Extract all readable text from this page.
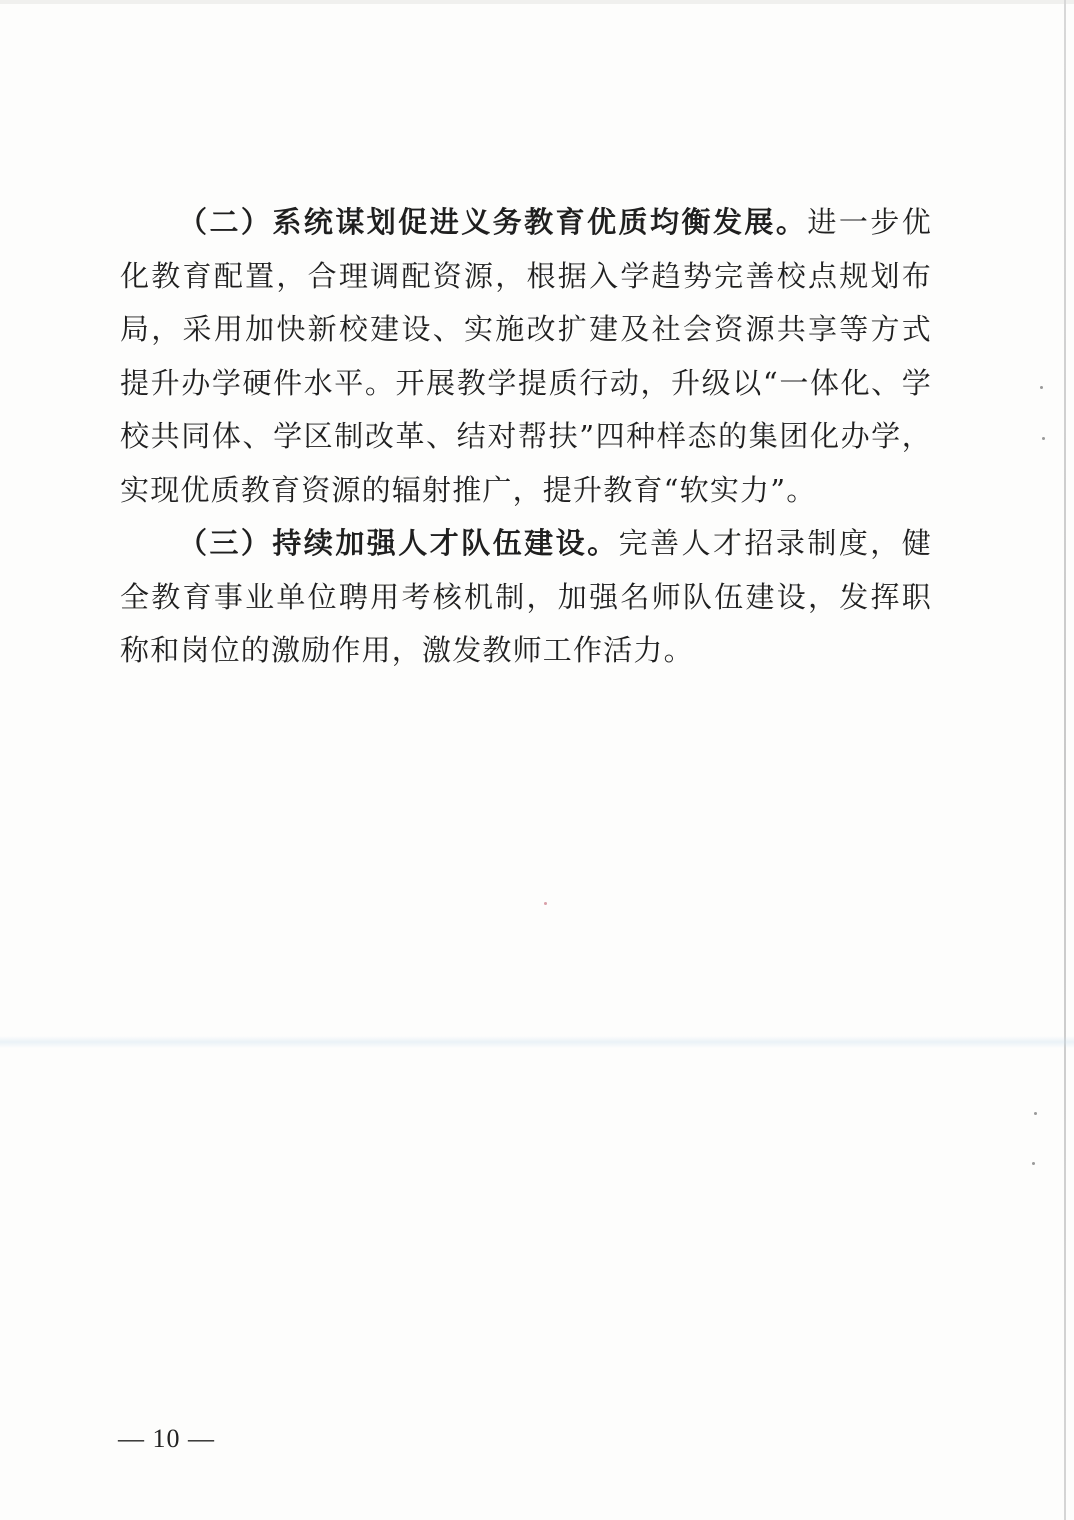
（二）系统谋划促进义务教育优质均衡发展。进一步优化教育配置，合理调配资源，根据入学趋势完善校点规划布局，采用加快新校建设、实施改扩建及社会资源共享等方式提升办学硬件水平。开展教学提质行动，升级以“一体化、学校共同体、学区制改革、结对帮扶”四种样态的集团化办学，实现优质教育资源的辐射推广，提升教育“软实力”。

（三）持续加强人才队伍建设。完善人才招录制度，健全教育事业单位聘用考核机制，加强名师队伍建设，发挥职称和岗位的激励作用，激发教师工作活力。

— 10 —
